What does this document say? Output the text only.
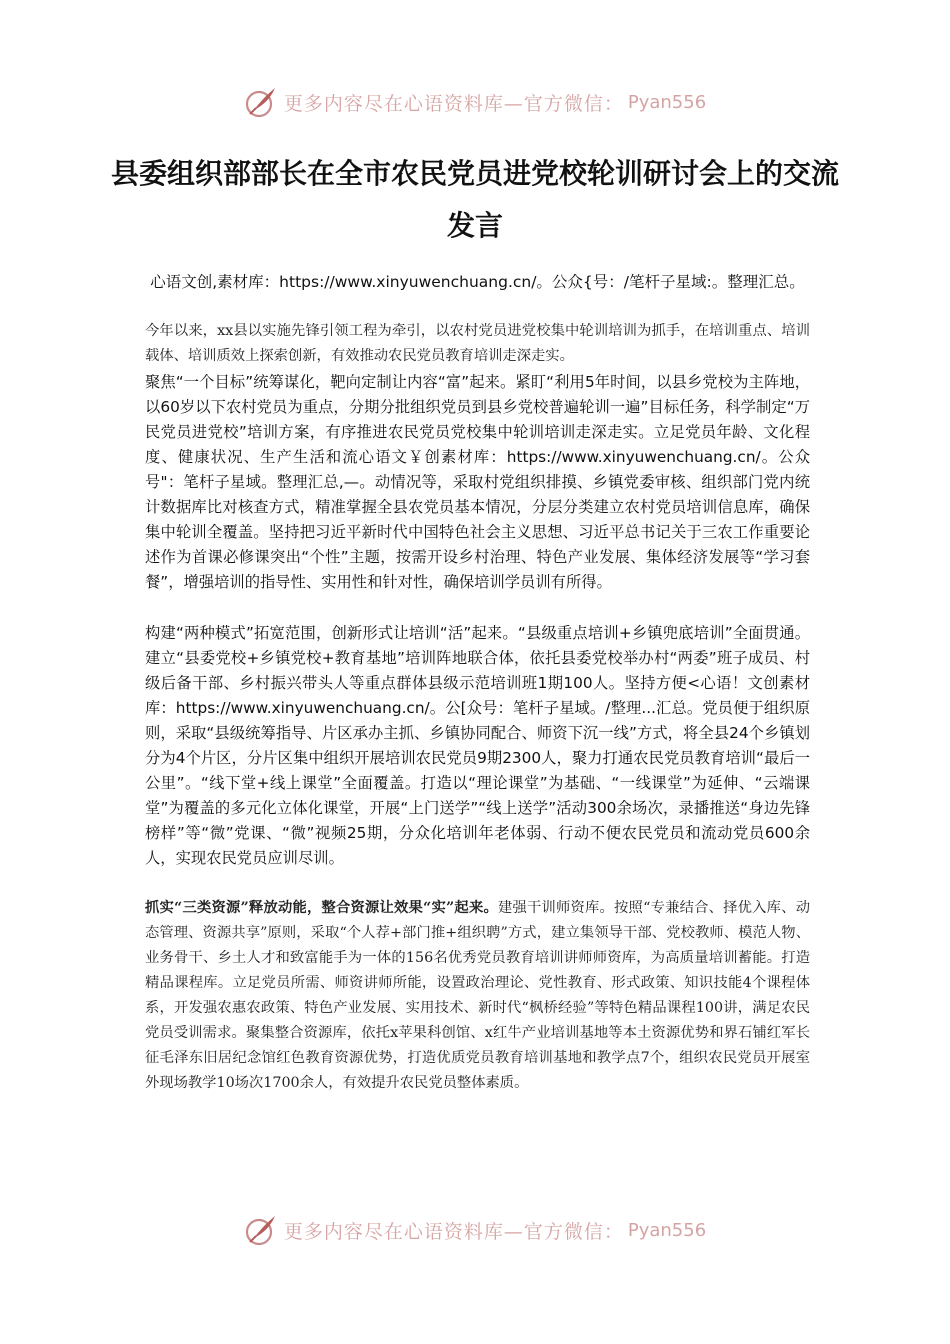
更多内容尽在心语资料库—官方微信： Pyan556
县委组织部部长在全市农民党员进党校轮训研讨会上的交流发言
心语文创,素材库：https://www.xinyuwenchuang.cn/。公众{号：/笔杆子星域:。整理汇总。

今年以来，xx县以实施先锋引领工程为牵引，以农村党员进党校集中轮训培训为抓手，在培训重点、培训载体、培训质效上探索创新，有效推动农民党员教育培训走深走实。

聚焦“一个目标”统筹谋化，靶向定制让内容“富”起来。紧盯“利用5年时间，以县乡党校为主阵地，以60岁以下农村党员为重点，分期分批组织党员到县乡党校普遍轮训一遍”目标任务，科学制定“万民党员进党校”培训方案，有序推进农民党员党校集中轮训培训走深走实。立足党员年龄、文化程度、健康状况、生产生活和流心语文￥创素材库：https://www.xinyuwenchuang.cn/。公众号"：笔杆子星域。整理汇总,—。动情况等，采取村党组织排摸、乡镇党委审核、组织部门党内统计数据库比对核查方式，精准掌握全县农党员基本情况，分层分类建立农村党员培训信息库，确保集中轮训全覆盖。坚持把习近平新时代中国特色社会主义思想、习近平总书记关于三农工作重要论述作为首课必修课突出“个性”主题，按需开设乡村治理、特色产业发展、集体经济发展等“学习套餐”，增强培训的指导性、实用性和针对性，确保培训学员训有所得。

构建“两种模式”拓宽范围，创新形式让培训“活”起来。“县级重点培训+乡镇兜底培训”全面贯通。建立“县委党校+乡镇党校+教育基地”培训阵地联合体，依托县委党校举办村“两委”班子成员、村级后备干部、乡村振兴带头人等重点群体县级示范培训班1期100人。坚持方便<心语！文创素材库：https://www.xinyuwenchuang.cn/。公[众号：笔杆子星域。/整理...汇总。党员便于组织原则，采取“县级统筹指导、片区承办主抓、乡镇协同配合、师资下沉一线”方式，将全县24个乡镇划分为4个片区，分片区集中组织开展培训农民党员9期2300人，聚力打通农民党员教育培训“最后一公里”。“线下堂+线上课堂”全面覆盖。打造以“理论课堂”为基础、“一线课堂”为延伸、“云端课堂”为覆盖的多元化立体化课堂，开展“上门送学”“线上送学”活动300余场次，录播推送“身边先锋榜样”等“微”党课、“微”视频25期，分众化培训年老体弱、行动不便农民党员和流动党员600余人，实现农民党员应训尽训。

抓实“三类资源”释放动能，整合资源让效果“实”起来。建强干训师资库。按照“专兼结合、择优入库、动态管理、资源共享”原则，采取“个人荐+部门推+组织聘”方式，建立集领导干部、党校教师、模范人物、业务骨干、乡土人才和致富能手为一体的156名优秀党员教育培训讲师师资库，为高质量培训蓄能。打造精品课程库。立足党员所需、师资讲师所能，设置政治理论、党性教育、形式政策、知识技能4个课程体系，开发强农惠农政策、特色产业发展、实用技术、新时代“枫桥经验”等特色精品课程100讲，满足农民党员受训需求。聚集整合资源库，依托x苹果科创馆、x红牛产业培训基地等本土资源优势和界石铺红军长征毛泽东旧居纪念馆红色教育资源优势，打造优质党员教育培训基地和教学点7个，组织农民党员开展室外现场教学10场次1700余人，有效提升农民党员整体素质。

更多内容尽在心语资料库—官方微信： Pyan556
